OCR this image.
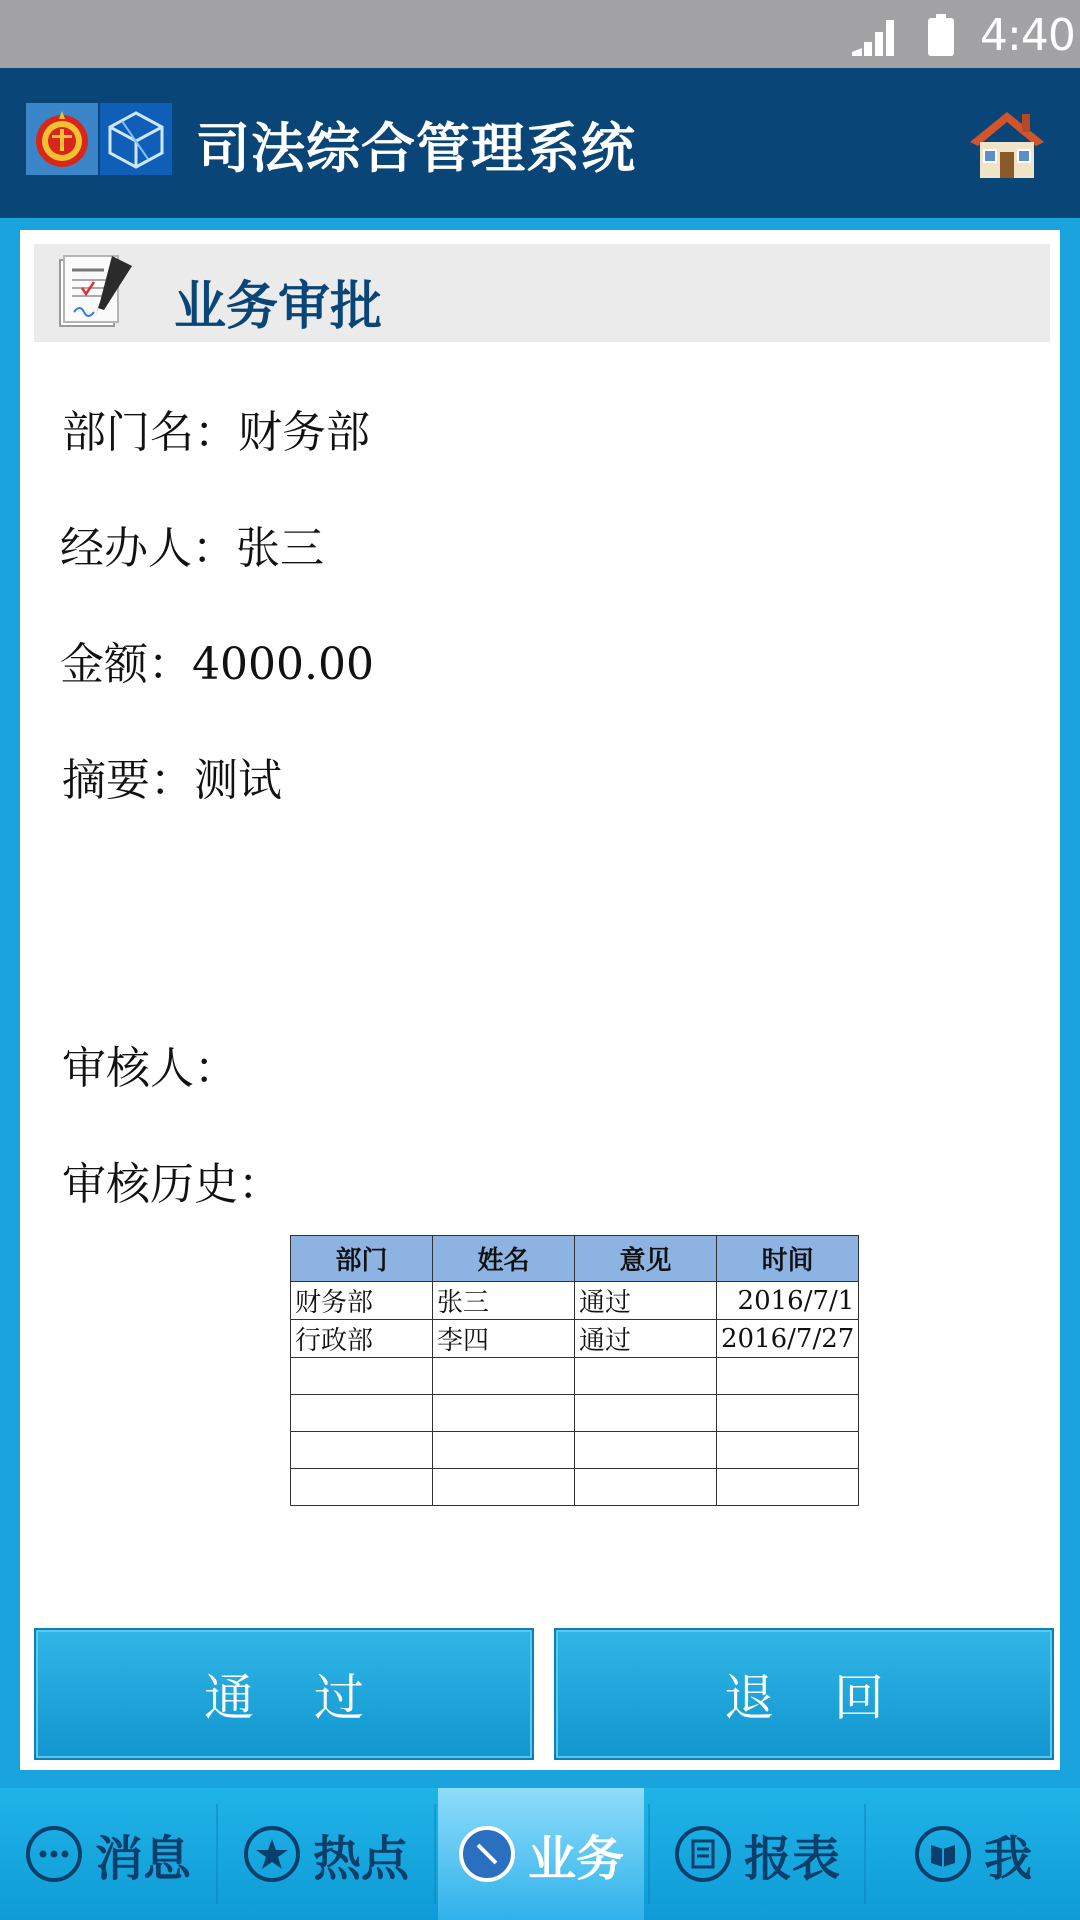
4:40
司法综合管理系统
业务审批
部门名：财务部
经办人：张三
金额：4000.00
摘要：测试
审核人：
审核历史：
部门	姓名	意见	时间
财务部	张三	通过	2016/7/1
行政部	李四	通过	2016/7/27

通过	退回
消息	热点 业务 报表	我
